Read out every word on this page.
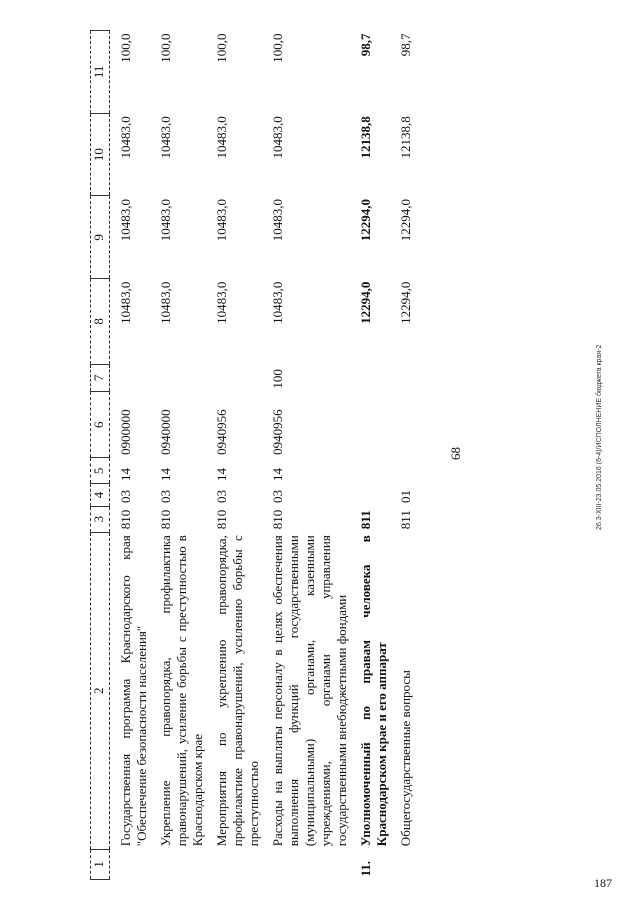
68
187
26.3-XIII-23.05.2016 (6-4)/ИСПОЛНЕНИЕ бюджета края-2
1	2	3	4	5	6	7	8	9	10	11
	Государственная программа Краснодарского края "Обеспечение безопасности населения"	810	03	14	0900000		10483,0	10483,0	10483,0	100,0
	Укрепление правопорядка, профилактика правонарушений, усиление борьбы с преступностью в Краснодарском крае	810	03	14	0940000		10483,0	10483,0	10483,0	100,0
	Мероприятия по укреплению правопорядка, профилактике правонарушений, усилению борьбы с преступностью	810	03	14	0940956		10483,0	10483,0	10483,0	100,0
	Расходы на выплаты персоналу в целях обеспечения выполнения функций государственными (муниципальными) органами, казенными учреждениями, органами управления государственными внебюджетными фондами	810	03	14	0940956	100	10483,0	10483,0	10483,0	100,0
11.	Уполномоченный по правам человека в Краснодарском крае и его аппарат	811					12294,0	12294,0	12138,8	98,7
	Общегосударственные вопросы	811	01				12294,0	12294,0	12138,8	98,7
